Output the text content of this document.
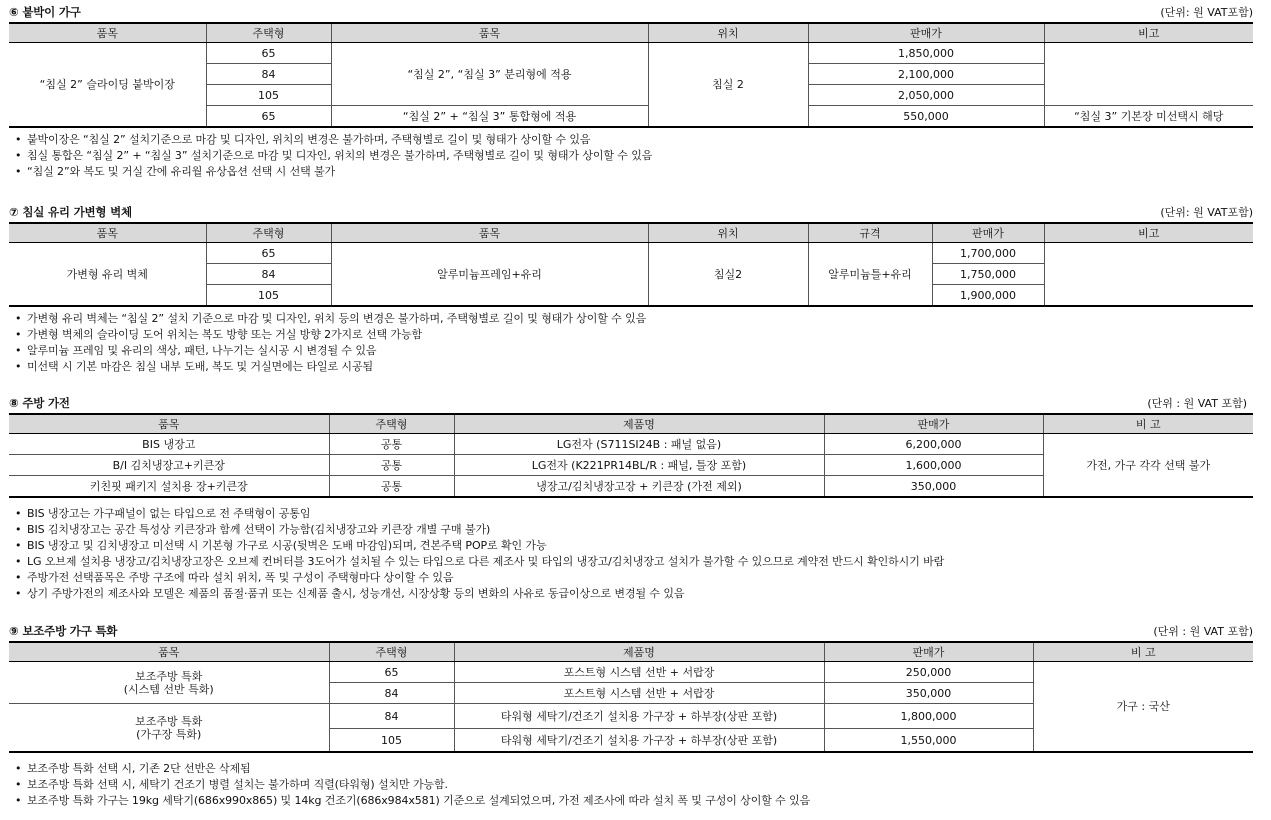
⑥ 붙박이 가구	(단위: 원 VAT포함)
품목	주택형	품목	위치	판매가	비고
“침실 2” 슬라이딩 붙박이장	65	“침실 2”, “침실 3” 분리형에 적용	침실 2	1,850,000	
	84			2,100,000	
	105			2,050,000	
	65	“침실 2” + “침실 3” 통합형에 적용		550,000	“침실 3” 기본장 미선택시 해당
• 붙박이장은 “침실 2” 설치기준으로 마감 및 디자인, 위치의 변경은 불가하며, 주택형별로 길이 및 형태가 상이할 수 있음
• 침실 통합은 “침실 2” + “침실 3” 설치기준으로 마감 및 디자인, 위치의 변경은 불가하며, 주택형별로 길이 및 형태가 상이할 수 있음
• “침실 2”와 복도 및 거실 간에 유리월 유상옵션 선택 시 선택 불가
⑦ 침실 유리 가변형 벽체	(단위: 원 VAT포함)
품목	주택형	품목	위치	규격	판매가	비고
가변형 유리 벽체	65	알루미늄프레임+유리	침실2	알루미늄틀+유리	1,700,000	
	84				1,750,000	
	105				1,900,000	
• 가변형 유리 벽체는 “침실 2” 설치 기준으로 마감 및 디자인, 위치 등의 변경은 불가하며, 주택형별로 길이 및 형태가 상이할 수 있음
• 가변형 벽체의 슬라이딩 도어 위치는 복도 방향 또는 거실 방향 2가지로 선택 가능함
• 알루미늄 프레임 및 유리의 색상, 패턴, 나누기는 실시공 시 변경될 수 있음
• 미선택 시 기본 마감은 침실 내부 도배, 복도 및 거실면에는 타일로 시공됨
⑧ 주방 가전	(단위 : 원 VAT 포함)
품목	주택형	제품명	판매가	비 고
BIS 냉장고	공통	LG전자 (S711SI24B : 패널 없음)	6,200,000	가전, 가구 각각 선택 불가
B/I 김치냉장고+키큰장	공통	LG전자 (K221PR14BL/R : 패널, 틀장 포함)	1,600,000	
키친핏 패키지 설치용 장+키큰장	공통	냉장고/김치냉장고장 + 키큰장 (가전 제외)	350,000	
• BIS 냉장고는 가구패널이 없는 타입으로 전 주택형이 공통임
• BIS 김치냉장고는 공간 특성상 키큰장과 함께 선택이 가능함(김치냉장고와 키큰장 개별 구매 불가)
• BIS 냉장고 및 김치냉장고 미선택 시 기본형 가구로 시공(뒷벽은 도배 마감임)되며, 견본주택 POP로 확인 가능
• LG 오브제 설치용 냉장고/김치냉장고장은 오브제 컨버터블 3도어가 설치될 수 있는 타입으로 다른 제조사 및 타입의 냉장고/김치냉장고 설치가 불가할 수 있으므로 계약전 반드시 확인하시기 바람
• 주방가전 선택품목은 주방 구조에 따라 설치 위치, 폭 및 구성이 주택형마다 상이할 수 있음
• 상기 주방가전의 제조사와 모델은 제품의 품절·품귀 또는 신제품 출시, 성능개선, 시장상황 등의 변화의 사유로 동급이상으로 변경될 수 있음
⑨ 보조주방 가구 특화	(단위 : 원 VAT 포함)
품목	주택형	제품명	판매가	비 고

보조주방 특화
(시스템 선반 특화)	65	포스트형 시스템 선반 + 서랍장	250,000	가구 : 국산
	84	포스트형 시스템 선반 + 서랍장	350,000	

보조주방 특화
(가구장 특화)	84	타워형 세탁기/건조기 설치용 가구장 + 하부장(상판 포함)	1,800,000	
	105	타워형 세탁기/건조기 설치용 가구장 + 하부장(상판 포함)	1,550,000	
• 보조주방 특화 선택 시, 기존 2단 선반은 삭제됨
• 보조주방 특화 선택 시, 세탁기 건조기 병렬 설치는 불가하며 직렬(타워형) 설치만 가능함.
• 보조주방 특화 가구는 19kg 세탁기(686x990x865) 및 14kg 건조기(686x984x581) 기준으로 설계되었으며, 가전 제조사에 따라 설치 폭 및 구성이 상이할 수 있음
